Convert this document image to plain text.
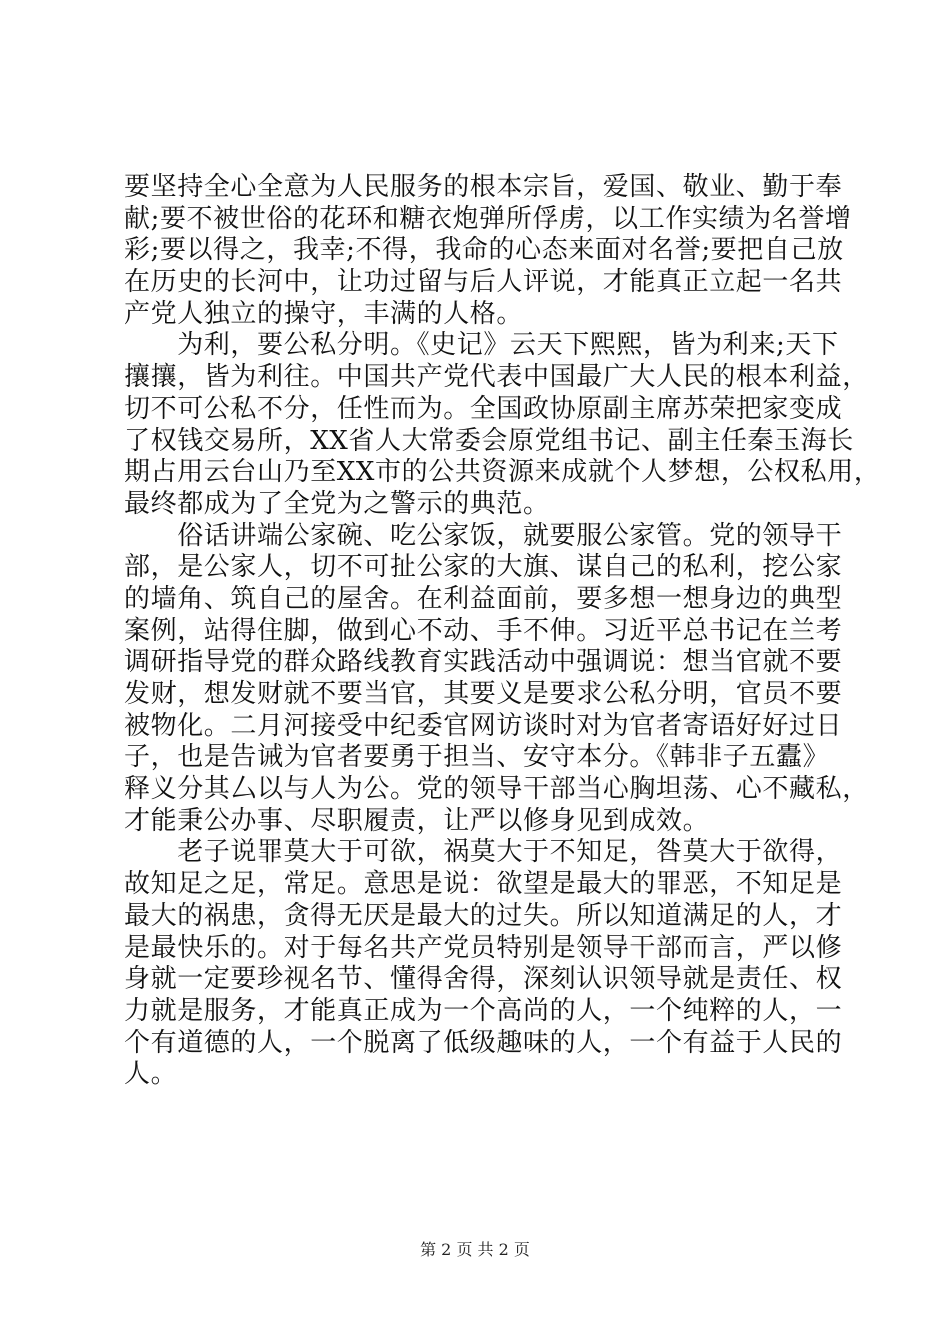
要坚持全心全意为人民服务的根本宗旨，爱国、敬业、勤于奉
献;要不被世俗的花环和糖衣炮弹所俘虏，以工作实绩为名誉增
彩;要以得之，我幸;不得，我命的心态来面对名誉;要把自己放
在历史的长河中，让功过留与后人评说，才能真正立起一名共
产党人独立的操守，丰满的人格。
　　为利，要公私分明。《史记》云天下熙熙，皆为利来;天下
攘攘，皆为利往。中国共产党代表中国最广大人民的根本利益，
切不可公私不分，任性而为。全国政协原副主席苏荣把家变成
了权钱交易所，XX省人大常委会原党组书记、副主任秦玉海长
期占用云台山乃至XX市的公共资源来成就个人梦想，公权私用，
最终都成为了全党为之警示的典范。
　　俗话讲端公家碗、吃公家饭，就要服公家管。党的领导干
部，是公家人，切不可扯公家的大旗、谋自己的私利，挖公家
的墙角、筑自己的屋舍。在利益面前，要多想一想身边的典型
案例，站得住脚，做到心不动、手不伸。习近平总书记在兰考
调研指导党的群众路线教育实践活动中强调说：想当官就不要
发财，想发财就不要当官，其要义是要求公私分明，官员不要
被物化。二月河接受中纪委官网访谈时对为官者寄语好好过日
子，也是告诫为官者要勇于担当、安守本分。《韩非子五蠹》
释义分其厶以与人为公。党的领导干部当心胸坦荡、心不藏私，
才能秉公办事、尽职履责，让严以修身见到成效。
　　老子说罪莫大于可欲，祸莫大于不知足，咎莫大于欲得，
故知足之足，常足。意思是说：欲望是最大的罪恶，不知足是
最大的祸患，贪得无厌是最大的过失。所以知道满足的人，才
是最快乐的。对于每名共产党员特别是领导干部而言，严以修
身就一定要珍视名节、懂得舍得，深刻认识领导就是责任、权
力就是服务，才能真正成为一个高尚的人，一个纯粹的人，一
个有道德的人，一个脱离了低级趣味的人，一个有益于人民的
人。
第 2 页 共 2 页
